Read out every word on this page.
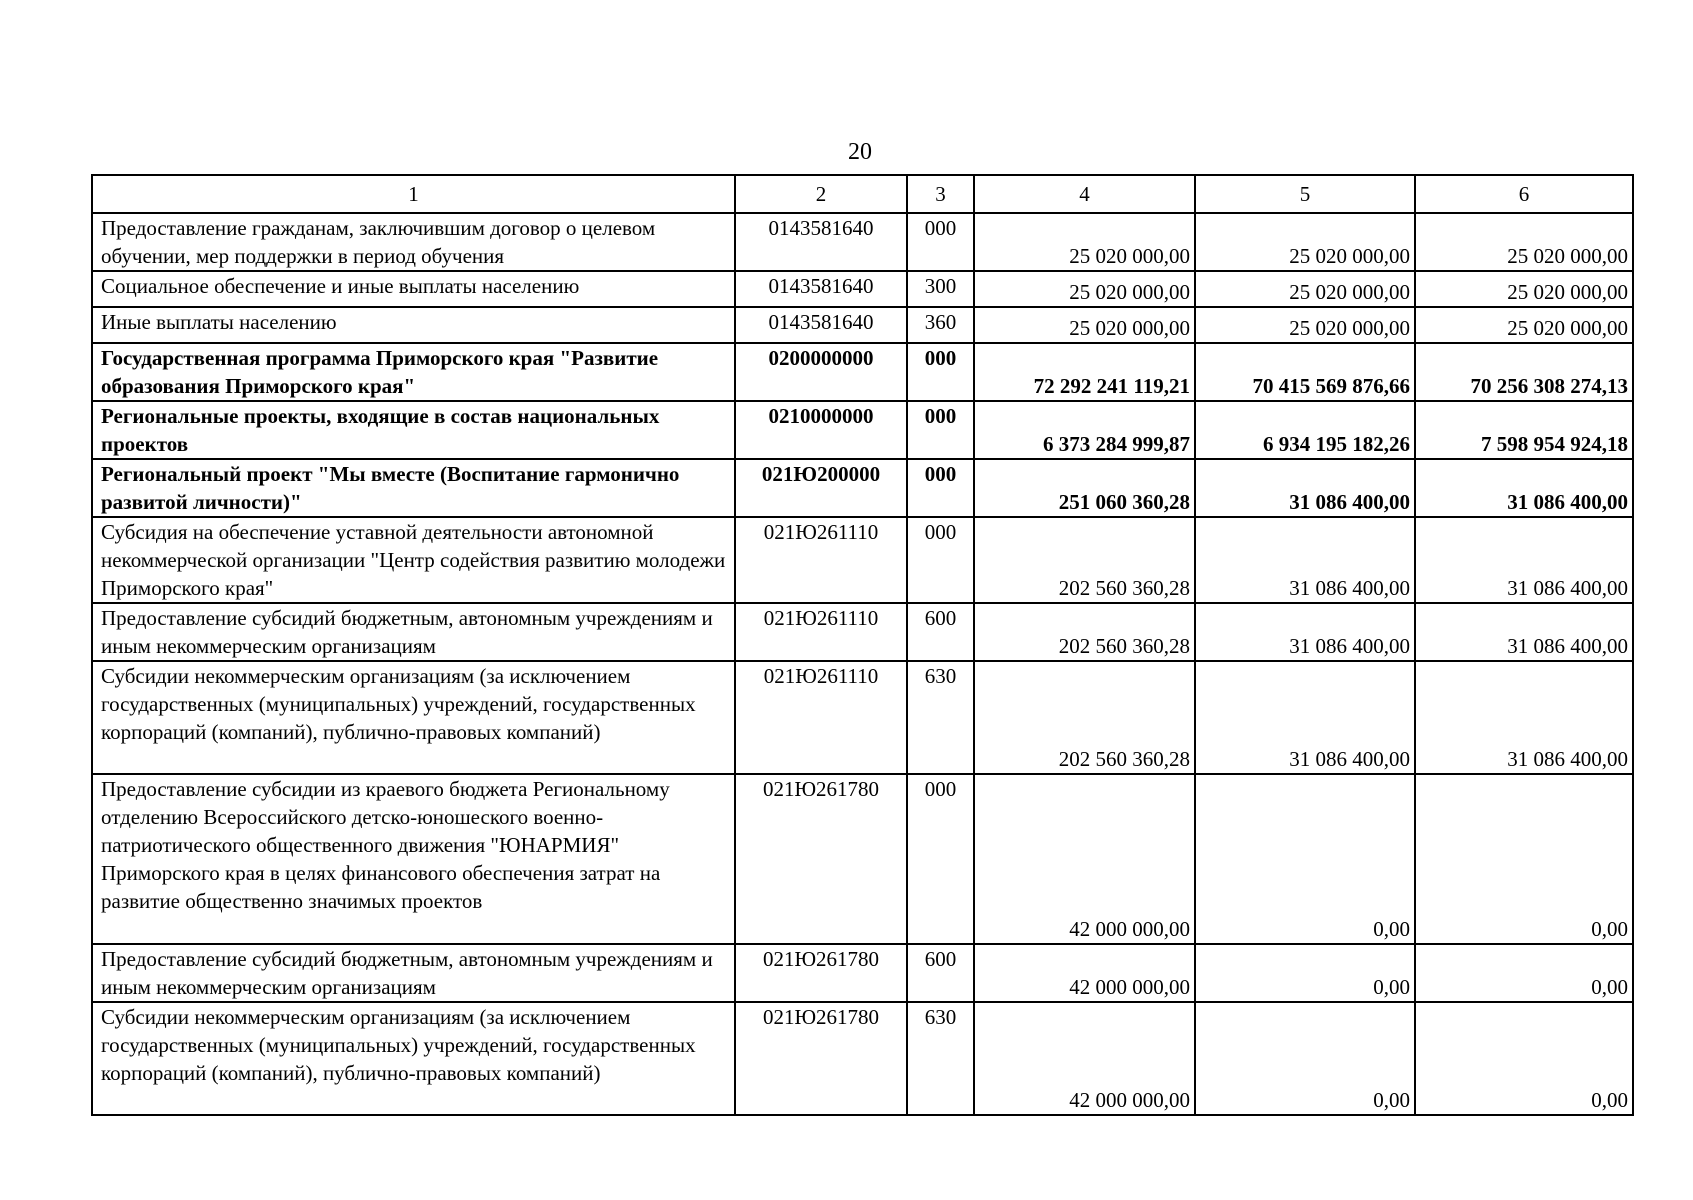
20
1	2	3	4	5	6
Предоставление гражданам, заключившим договор о целевом обучении, мер поддержки в период обучения	0143581640	000	25 020 000,00	25 020 000,00	25 020 000,00
Социальное обеспечение и иные выплаты населению	0143581640	300	25 020 000,00	25 020 000,00	25 020 000,00
Иные выплаты населению	0143581640	360	25 020 000,00	25 020 000,00	25 020 000,00
Государственная программа Приморского края "Развитие образования Приморского края"	0200000000	000	72 292 241 119,21	70 415 569 876,66	70 256 308 274,13
Региональные проекты, входящие в состав национальных проектов	0210000000	000	6 373 284 999,87	6 934 195 182,26	7 598 954 924,18
Региональный проект "Мы вместе (Воспитание гармонично развитой личности)"	021Ю200000	000	251 060 360,28	31 086 400,00	31 086 400,00
Субсидия на обеспечение уставной деятельности автономной некоммерческой организации "Центр содействия развитию молодежи Приморского края"	021Ю261110	000	202 560 360,28	31 086 400,00	31 086 400,00
Предоставление субсидий бюджетным, автономным учреждениям и иным некоммерческим организациям	021Ю261110	600	202 560 360,28	31 086 400,00	31 086 400,00
Субсидии некоммерческим организациям (за исключением государственных (муниципальных) учреждений, государственных корпораций (компаний), публично-правовых компаний)	021Ю261110	630	202 560 360,28	31 086 400,00	31 086 400,00
Предоставление субсидии из краевого бюджета Региональному отделению Всероссийского детско-юношеского военно-патриотического общественного движения "ЮНАРМИЯ" Приморского края в целях финансового обеспечения затрат на развитие общественно значимых проектов	021Ю261780	000	42 000 000,00	0,00	0,00
Предоставление субсидий бюджетным, автономным учреждениям и иным некоммерческим организациям	021Ю261780	600	42 000 000,00	0,00	0,00
Субсидии некоммерческим организациям (за исключением государственных (муниципальных) учреждений, государственных корпораций (компаний), публично-правовых компаний)	021Ю261780	630	42 000 000,00	0,00	0,00
